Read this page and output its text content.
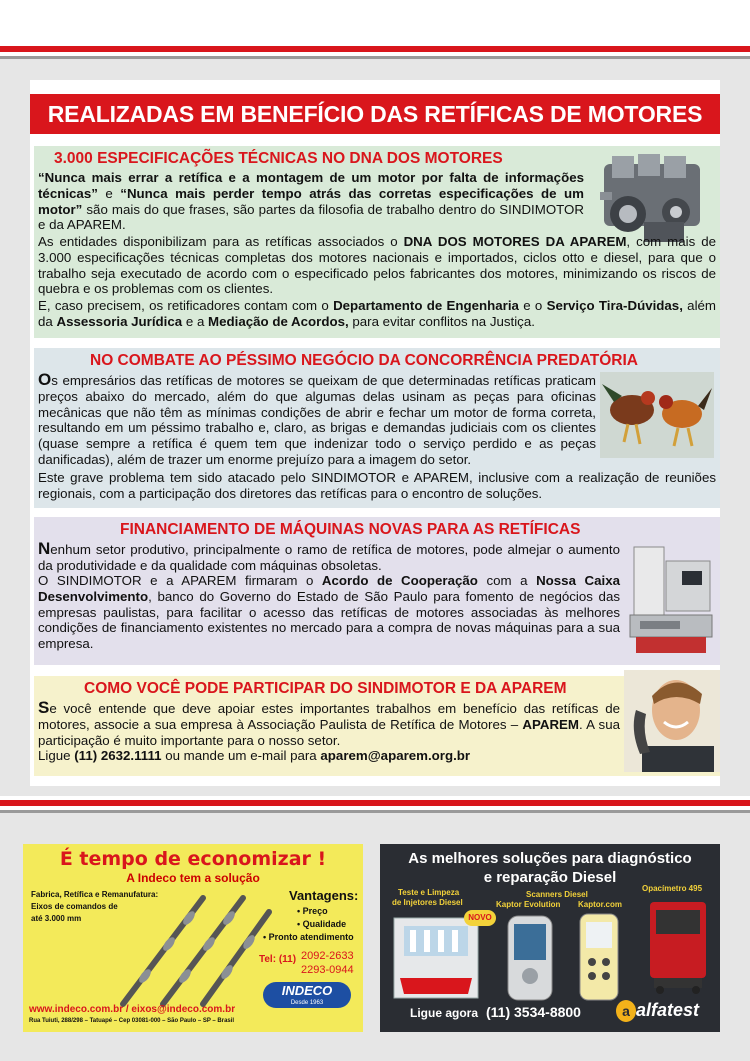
REALIZADAS EM BENEFÍCIO DAS RETÍFICAS DE MOTORES
3.000 ESPECIFICAÇÕES TÉCNICAS NO DNA DOS MOTORES

“Nunca mais errar a retífica e a montagem de um motor por falta de informações técnicas” e “Nunca mais perder tempo atrás das corretas especificações de um motor” são mais do que frases, são partes da filosofia de trabalho dentro do SINDIMOTOR e da APAREM.

As entidades disponibilizam para as retíficas associados o DNA DOS MOTORES DA APAREM, com mais de 3.000 especificações técnicas completas dos motores nacionais e importados, ciclos otto e diesel, para que o trabalho seja executado de acordo com o especificado pelos fabricantes dos motores, minimizando os riscos de quebra e os problemas com os clientes.

E, caso precisem, os retificadores contam com o Departamento de Engenharia e o Serviço Tira-Dúvidas, além da Assessoria Jurídica e a Mediação de Acordos, para evitar conflitos na Justiça.

NO COMBATE AO PÉSSIMO NEGÓCIO DA CONCORRÊNCIA PREDATÓRIA

Os empresários das retíficas de motores se queixam de que determinadas retíficas praticam preços abaixo do mercado, além do que algumas delas usinam as peças para oficinas mecânicas que não têm as mínimas condições de abrir e fechar um motor de forma correta, resultando em um péssimo trabalho e, claro, as brigas e demandas judiciais com os clientes (quase sempre a retífica é quem tem que indenizar todo o serviço perdido e as peças danificadas), além de trazer um enorme prejuízo para a imagem do setor.

Este grave problema tem sido atacado pelo SINDIMOTOR e APAREM, inclusive com a realização de reuniões regionais, com a participação dos diretores das retíficas para o encontro de soluções.

FINANCIAMENTO DE MÁQUINAS NOVAS PARA AS RETÍFICAS

Nenhum setor produtivo, principalmente o ramo de retífica de motores, pode almejar o aumento da produtividade e da qualidade com máquinas obsoletas.

O SINDIMOTOR e a APAREM firmaram o Acordo de Cooperação com a Nossa Caixa Desenvolvimento, banco do Governo do Estado de São Paulo para fomento de negócios das empresas paulistas, para facilitar o acesso das retíficas de motores associadas às melhores condições de financiamento existentes no mercado para a compra de novas máquinas para a sua empresa.

COMO VOCÊ PODE PARTICIPAR DO SINDIMOTOR E DA APAREM

Se você entende que deve apoiar estes importantes trabalhos em benefício das retíficas de motores, associe a sua empresa à Associação Paulista de Retífica de Motores – APAREM. A sua participação é muito importante para o nosso setor.

Ligue (11) 2632.1111 ou mande um e-mail para aparem@aparem.org.br

É tempo de economizar !
A Indeco tem a solução
Fabrica, Retífica e Remanufatura:
Eixos de comandos de
até 3.000 mm
Vantagens:
• Preço
• Qualidade
• Pronto atendimento
Tel: (11) 2092-2633
2293-0944
INDECO
Desde 1963
www.indeco.com.br / eixos@indeco.com.br
Rua Tuiuti, 288/298 – Tatuapé – Cep 03081-000 – São Paulo – SP – Brasil
As melhores soluções para diagnóstico
e reparação Diesel
Teste e Limpeza
de Injetores Diesel
Scanners Diesel
Kaptor Evolution Kaptor.com
Opacímetro 495
NOVO
Ligue agora (11) 3534-8800	a alfatest
